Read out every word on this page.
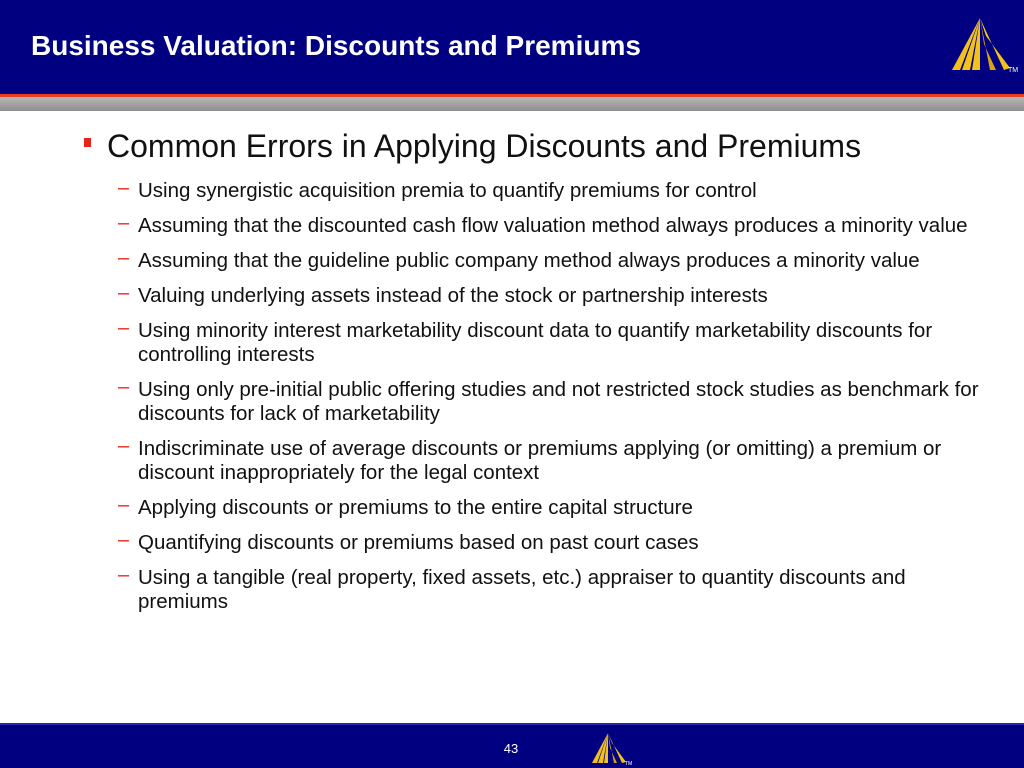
Business Valuation: Discounts and Premiums
TM
Common Errors in Applying Discounts and Premiums
– Using synergistic acquisition premia to quantify premiums for control
– Assuming that the discounted cash flow valuation method always produces a minority value
– Assuming that the guideline public company method always produces a minority value
– Valuing underlying assets instead of the stock or partnership interests
– Using minority interest marketability discount data to quantify marketability discounts for controlling interests
– Using only pre-initial public offering studies and not restricted stock studies as benchmark for discounts for lack of marketability
– Indiscriminate use of average discounts or premiums applying (or omitting) a premium or discount inappropriately for the legal context
– Applying discounts or premiums to the entire capital structure
– Quantifying discounts or premiums based on past court cases
– Using a tangible (real property, fixed assets, etc.) appraiser to quantity discounts and premiums
43
TM
